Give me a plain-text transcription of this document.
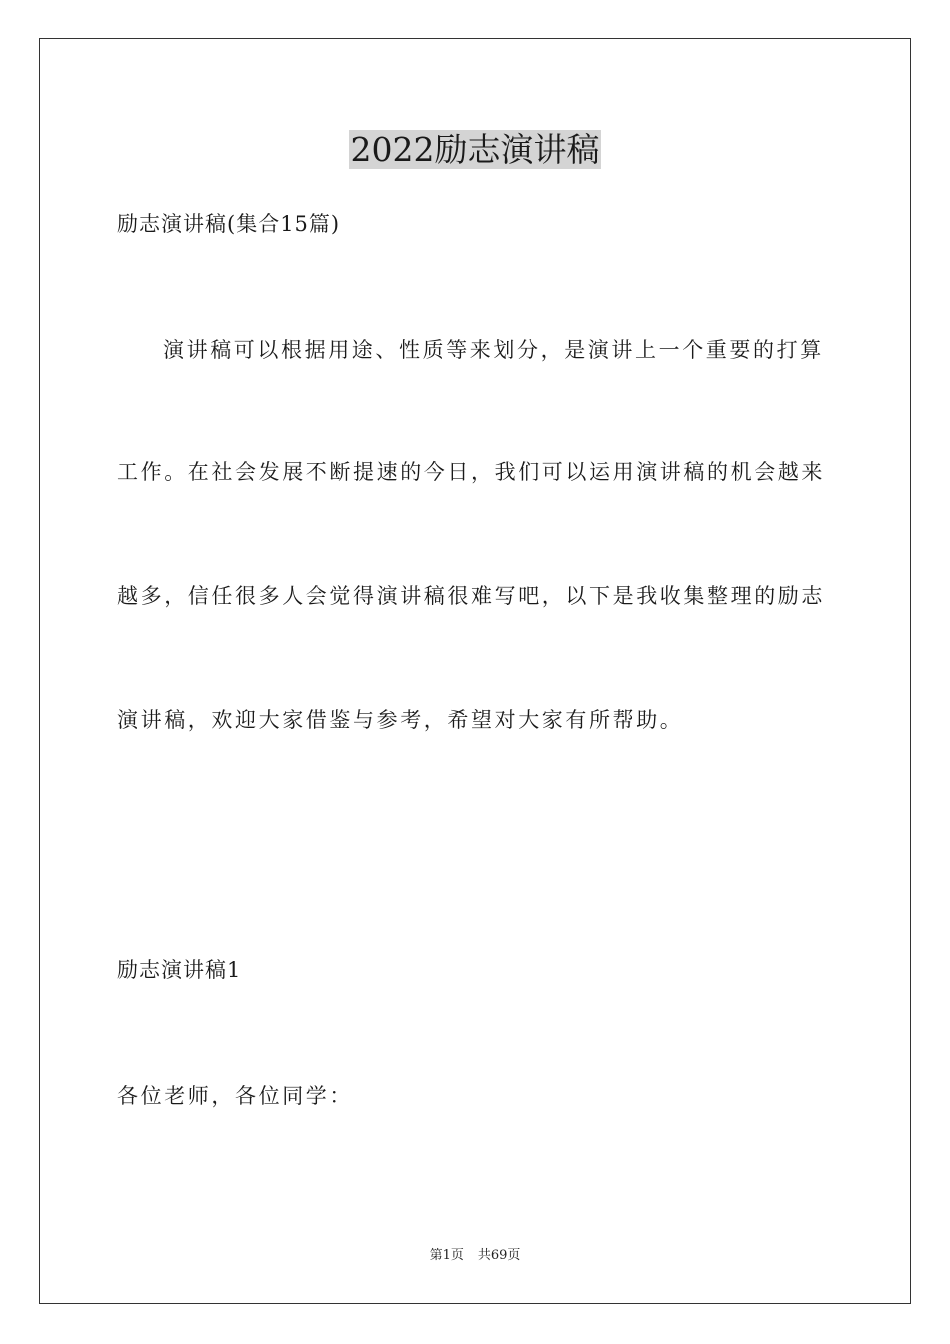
2022励志演讲稿
励志演讲稿(集合15篇)
演讲稿可以根据用途、性质等来划分，是演讲上一个重要的打算
工作。在社会发展不断提速的今日，我们可以运用演讲稿的机会越来
越多，信任很多人会觉得演讲稿很难写吧，以下是我收集整理的励志
演讲稿，欢迎大家借鉴与参考，希望对大家有所帮助。
励志演讲稿1
各位老师，各位同学：
第1页 共69页
